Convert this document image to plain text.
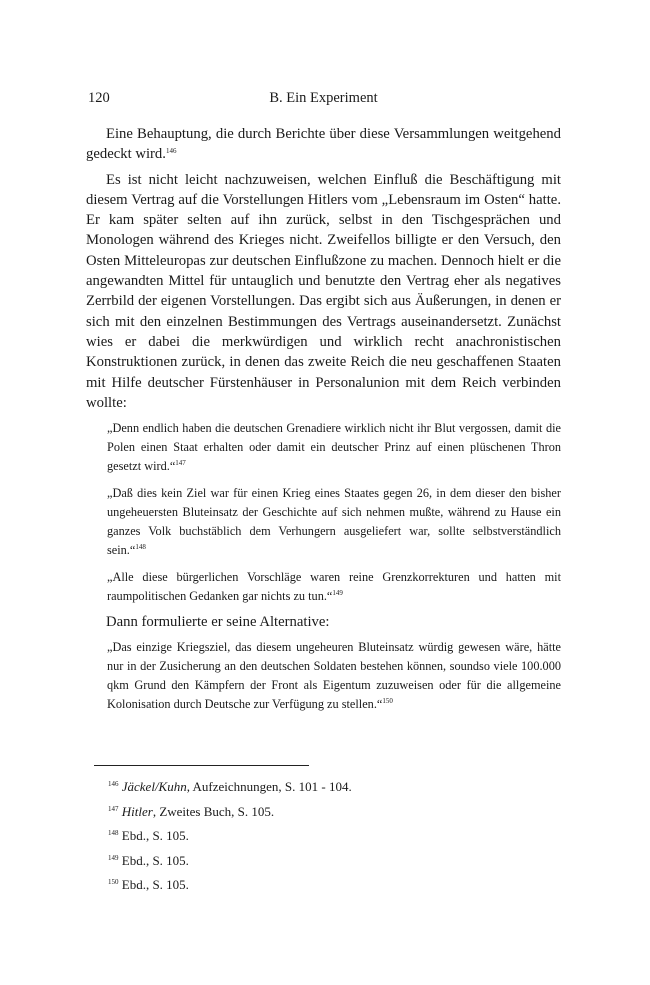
120	B. Ein Experiment

Eine Behauptung, die durch Berichte über diese Versammlungen weitgehend gedeckt wird.$^{146}$

Es ist nicht leicht nachzuweisen, welchen Einfluß die Beschäftigung mit diesem Vertrag auf die Vorstellungen Hitlers vom „Lebensraum im Osten“ hatte. Er kam später selten auf ihn zurück, selbst in den Tischgesprächen und Monologen während des Krieges nicht. Zweifellos billigte er den Versuch, den Osten Mitteleuropas zur deutschen Einflußzone zu machen. Dennoch hielt er die angewandten Mittel für untauglich und benutzte den Vertrag eher als negatives Zerrbild der eigenen Vorstellungen. Das ergibt sich aus Äußerungen, in denen er sich mit den einzelnen Bestimmungen des Vertrags auseinandersetzt. Zunächst wies er dabei die merkwürdigen und wirklich recht anachronistischen Konstruktionen zurück, in denen das zweite Reich die neu geschaffenen Staaten mit Hilfe deutscher Fürstenhäuser in Personalunion mit dem Reich verbinden wollte:

„Denn endlich haben die deutschen Grenadiere wirklich nicht ihr Blut vergossen, damit die Polen einen Staat erhalten oder damit ein deutscher Prinz auf einen plüschenen Thron gesetzt wird.“$^{147}$

„Daß dies kein Ziel war für einen Krieg eines Staates gegen 26, in dem dieser den bisher ungeheuersten Bluteinsatz der Geschichte auf sich nehmen mußte, während zu Hause ein ganzes Volk buchstäblich dem Verhungern ausgeliefert war, sollte selbstverständlich sein.“$^{148}$

„Alle diese bürgerlichen Vorschläge waren reine Grenzkorrekturen und hatten mit raumpolitischen Gedanken gar nichts zu tun.“$^{149}$

Dann formulierte er seine Alternative:

„Das einzige Kriegsziel, das diesem ungeheuren Bluteinsatz würdig gewesen wäre, hätte nur in der Zusicherung an den deutschen Soldaten bestehen können, soundso viele 100.000 qkm Grund den Kämpfern der Front als Eigentum zuzuweisen oder für die allgemeine Kolonisation durch Deutsche zur Verfügung zu stellen.“$^{150}$

$^{146}$ Jäckel/Kuhn, Aufzeichnungen, S. 101 - 104.

$^{147}$ Hitler, Zweites Buch, S. 105.

$^{148}$ Ebd., S. 105.

$^{149}$ Ebd., S. 105.

$^{150}$ Ebd., S. 105.
